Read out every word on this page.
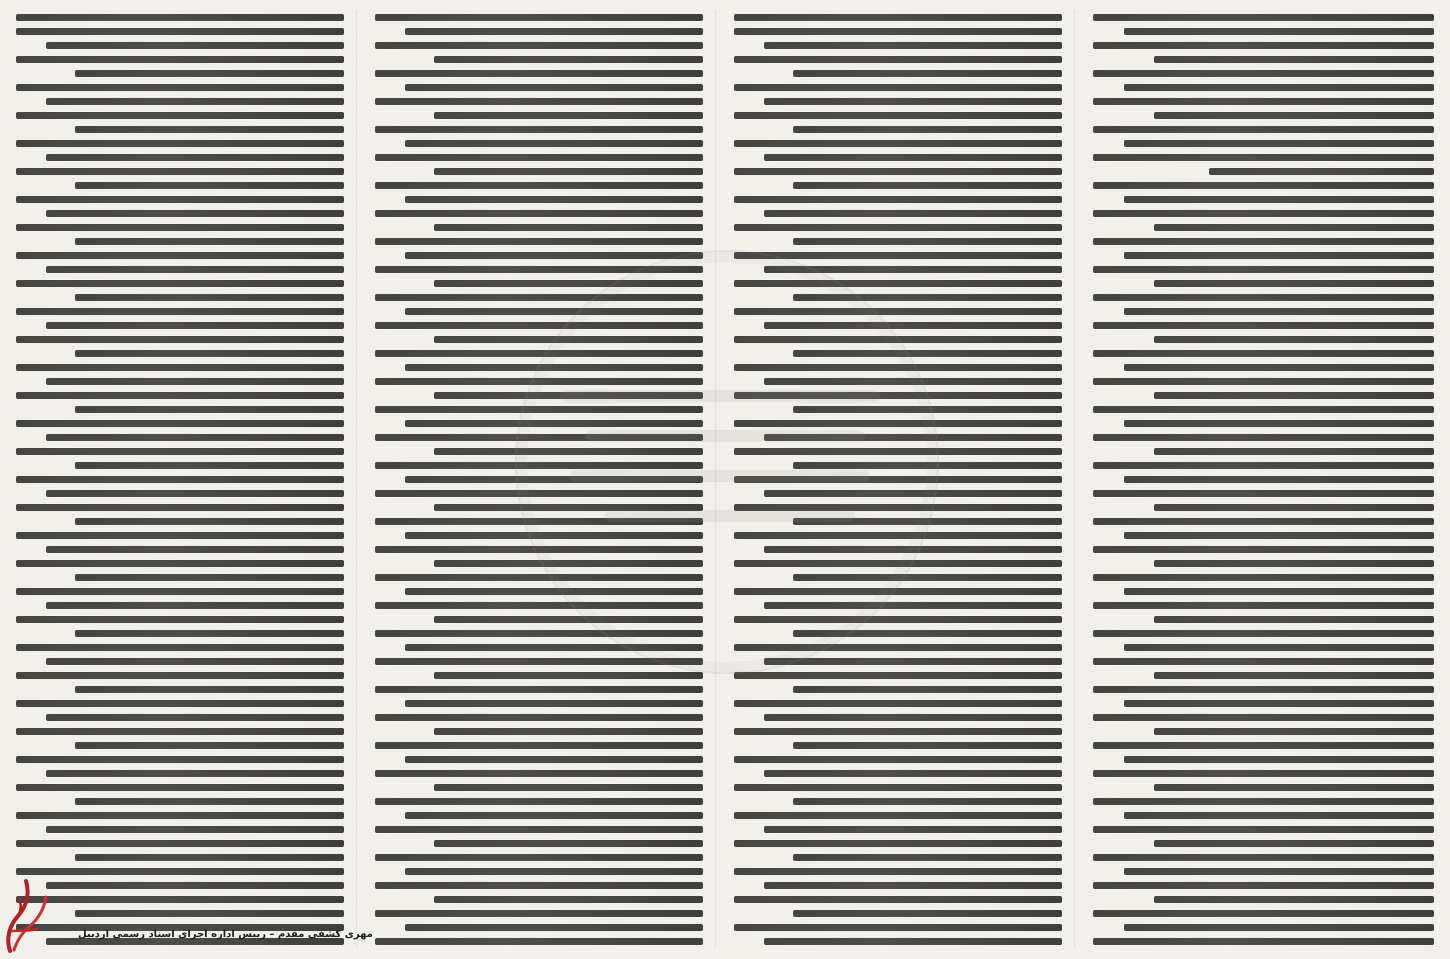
مهری کشفی مقدم – رییس اداره اجرای اسناد رسمی اردبیل
